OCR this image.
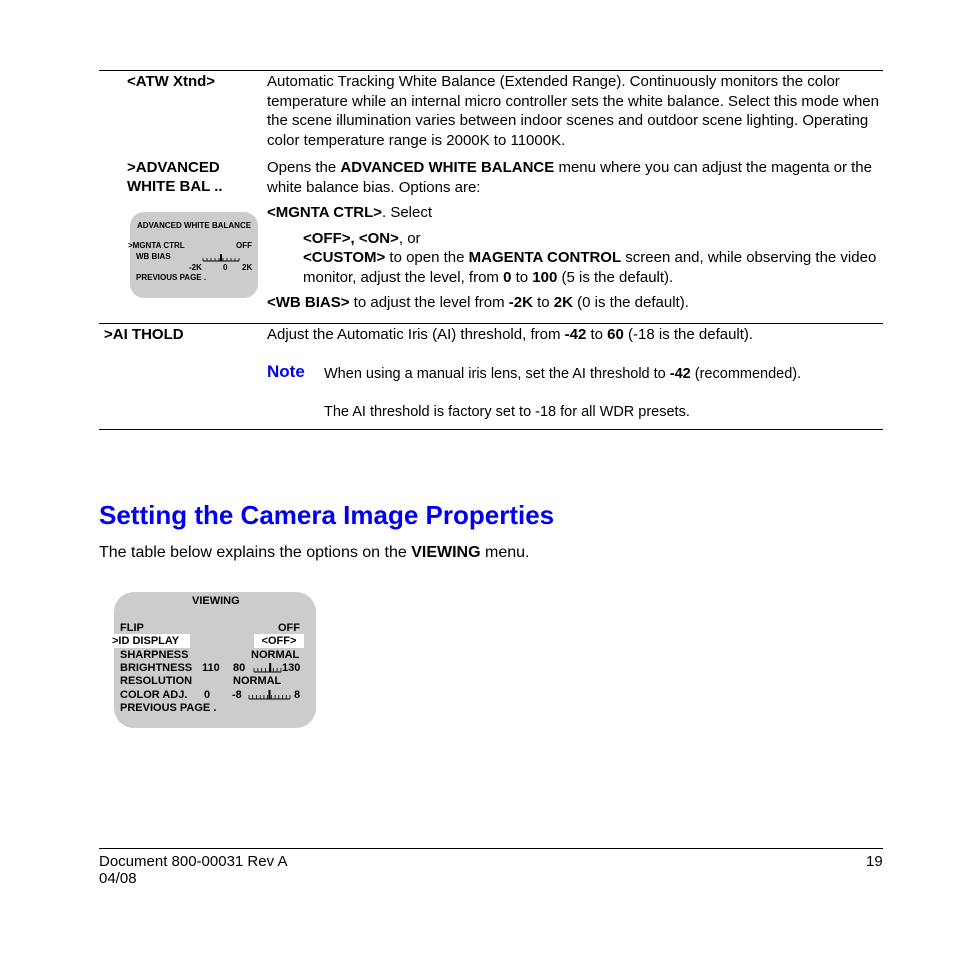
<ATW Xtnd>	Automatic Tracking White Balance (Extended Range). Continuously monitors the color temperature while an internal micro controller sets the white balance. Select this mode when the scene illumination varies between indoor scenes and outdoor scene lighting. Operating color temperature range is 2000K to 11000K.
>ADVANCED WHITE BAL ..
Opens the ADVANCED WHITE BALANCE menu where you can adjust the magenta or the white balance bias. Options are:
<MGNTA CTRL>. Select
<OFF>, <ON>, or
<CUSTOM> to open the MAGENTA CONTROL screen and, while observing the video monitor, adjust the level, from 0 to 100 (5 is the default).
<WB BIAS> to adjust the level from -2K to 2K (0 is the default).
ADVANCED WHITE BALANCE
>MGNTA CTRL	OFF
WB BIAS
-2K	0 2K
PREVIOUS PAGE .
>AI THOLD	Adjust the Automatic Iris (AI) threshold, from -42 to 60 (-18 is the default).
Note When using a manual iris lens, set the AI threshold to -42 (recommended).
The AI threshold is factory set to -18 for all WDR presets.
Setting the Camera Image Properties
The table below explains the options on the VIEWING menu.
VIEWING
FLIP	OFF
>ID DISPLAY	<OFF>
SHARPNESS	NORMAL
BRIGHTNESS 110 80	130
RESOLUTION	NORMAL
COLOR ADJ. 0 -8	8
PREVIOUS PAGE .
Document 800-00031 Rev A
04/08
19
